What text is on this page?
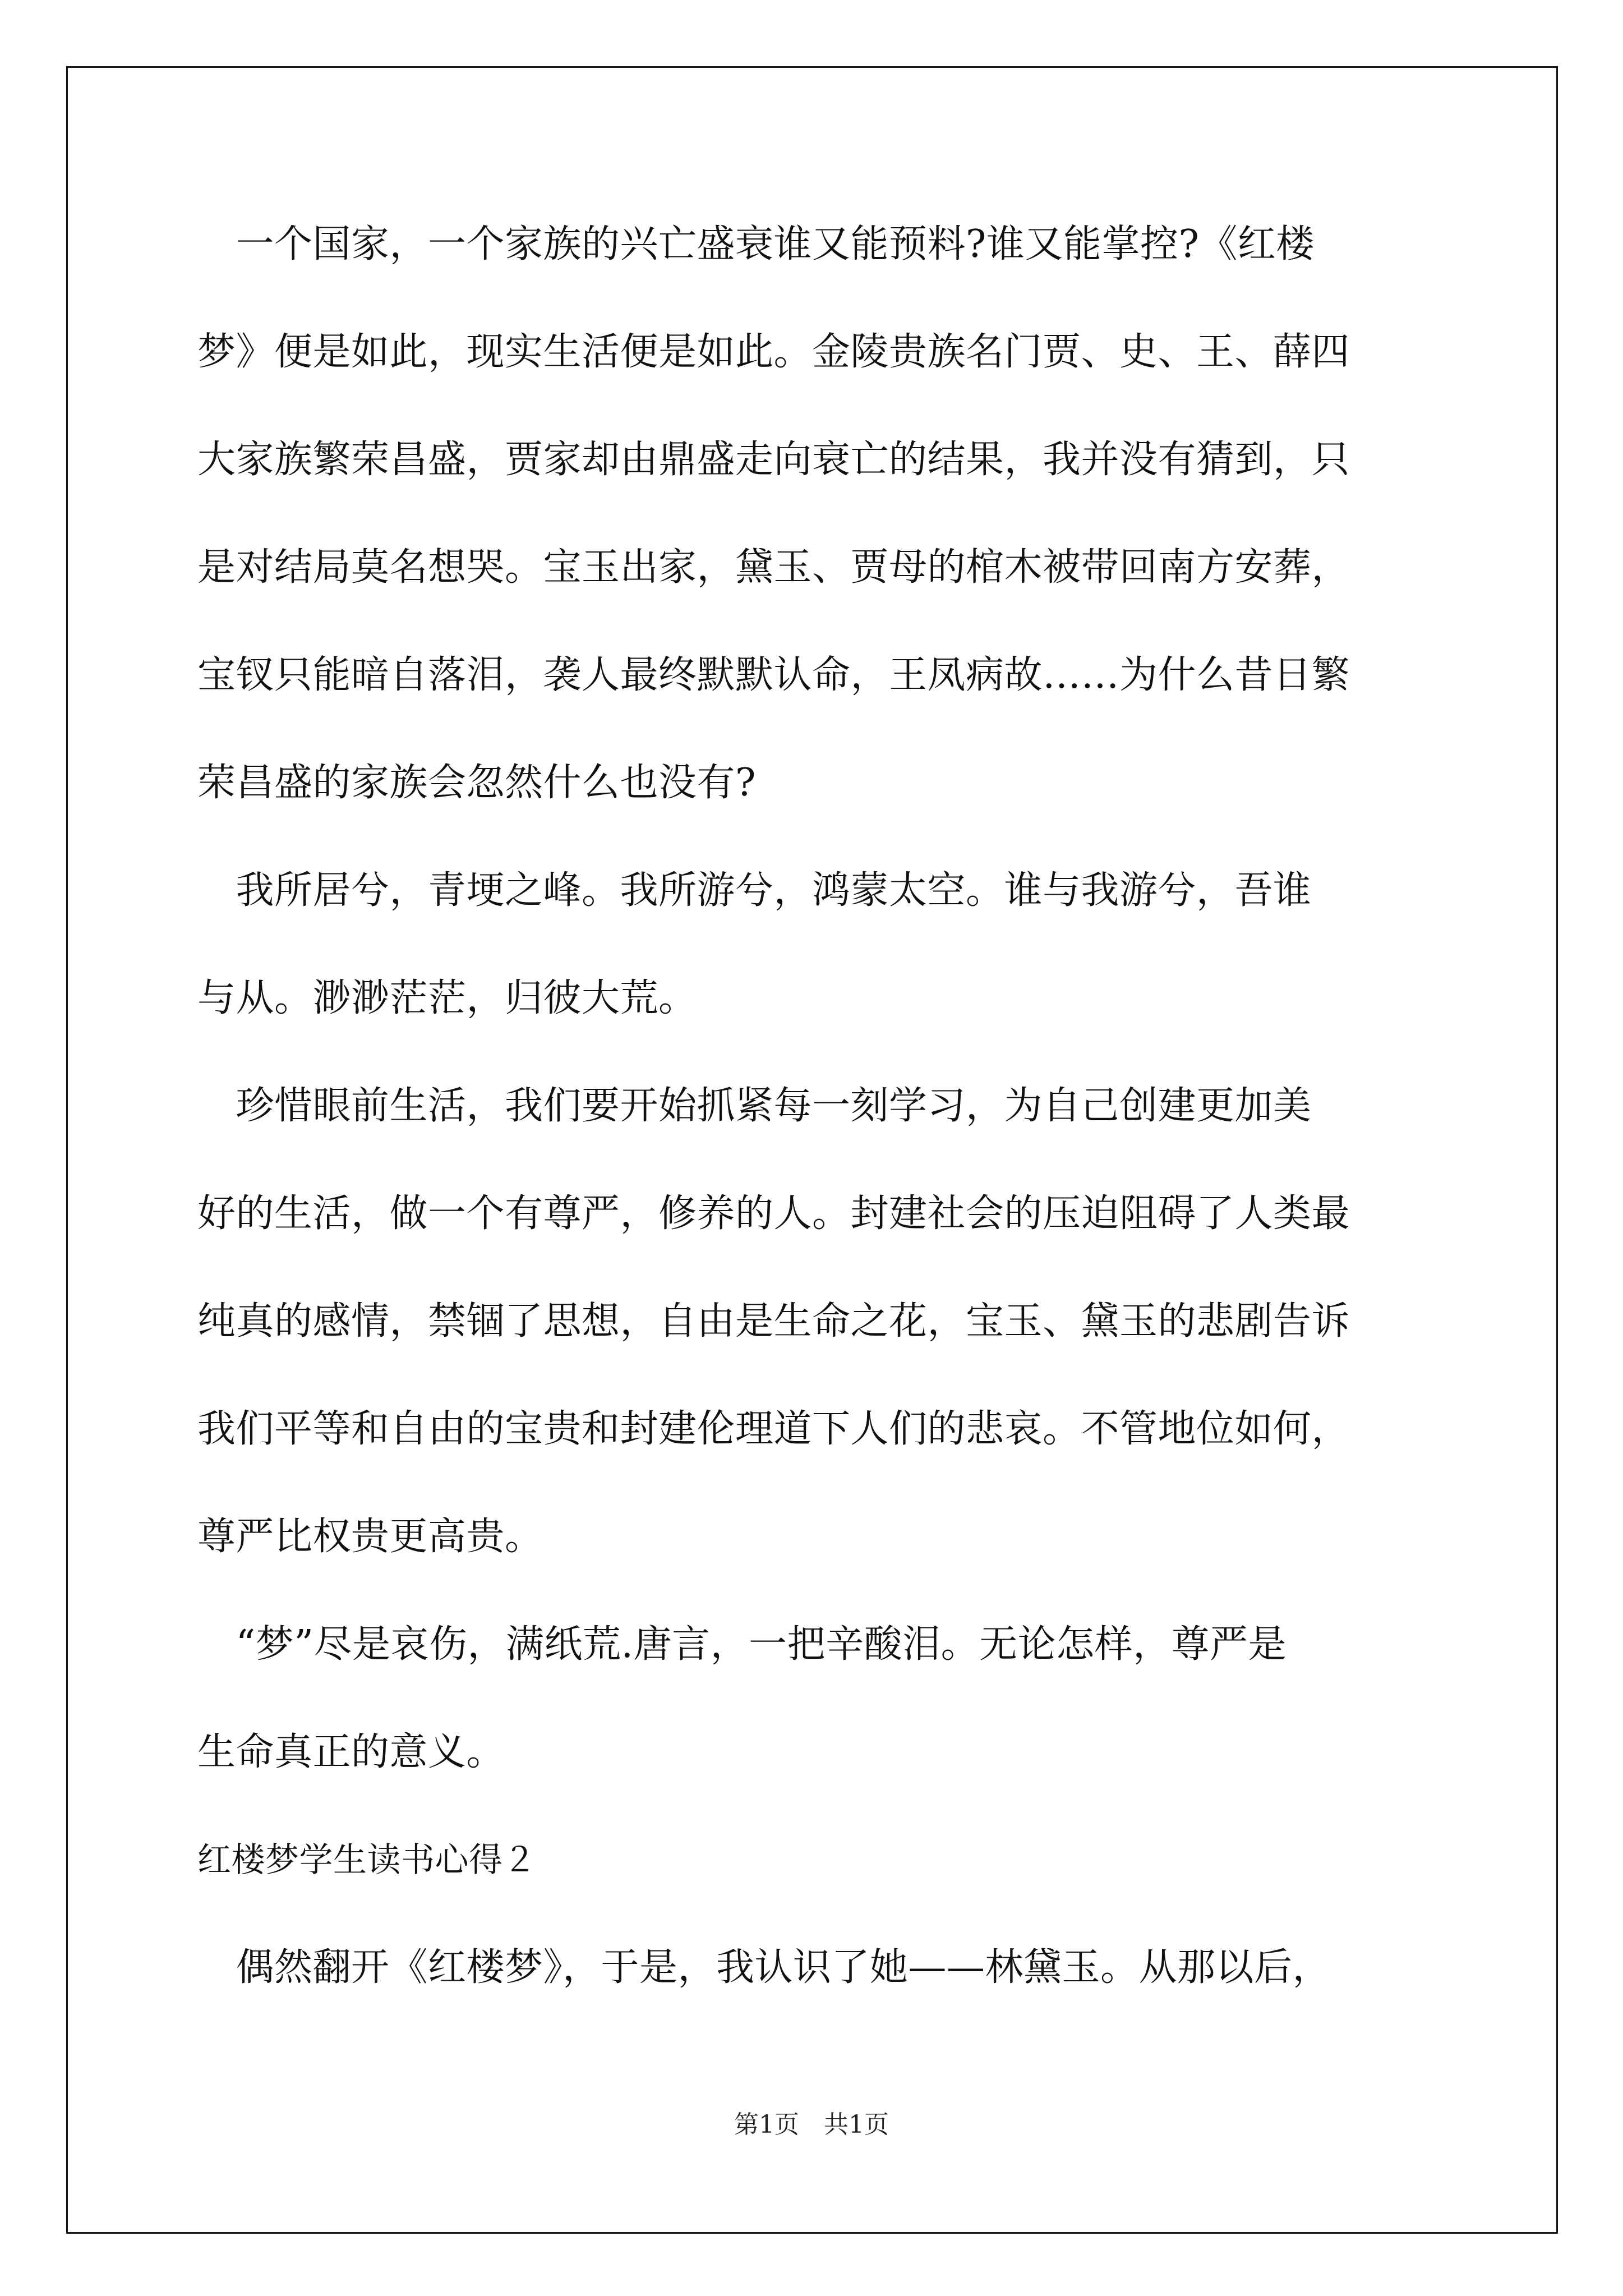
　一个国家，一个家族的兴亡盛衰谁又能预料?谁又能掌控?《红楼
梦》便是如此，现实生活便是如此。金陵贵族名门贾、史、王、薛四
大家族繁荣昌盛，贾家却由鼎盛走向衰亡的结果，我并没有猜到，只
是对结局莫名想哭。宝玉出家，黛玉、贾母的棺木被带回南方安葬，
宝钗只能暗自落泪，袭人最终默默认命，王凤病故……为什么昔日繁
荣昌盛的家族会忽然什么也没有?
　我所居兮，青埂之峰。我所游兮，鸿蒙太空。谁与我游兮，吾谁
与从。渺渺茫茫，归彼大荒。
　珍惜眼前生活，我们要开始抓紧每一刻学习，为自己创建更加美
好的生活，做一个有尊严，修养的人。封建社会的压迫阻碍了人类最
纯真的感情，禁锢了思想，自由是生命之花，宝玉、黛玉的悲剧告诉
我们平等和自由的宝贵和封建伦理道下人们的悲哀。不管地位如何，
尊严比权贵更高贵。
　“梦”尽是哀伤，满纸荒.唐言，一把辛酸泪。无论怎样，尊严是
生命真正的意义。
红楼梦学生读书心得２
　偶然翻开《红楼梦》，于是，我认识了她——林黛玉。从那以后，
第1页　共1页
